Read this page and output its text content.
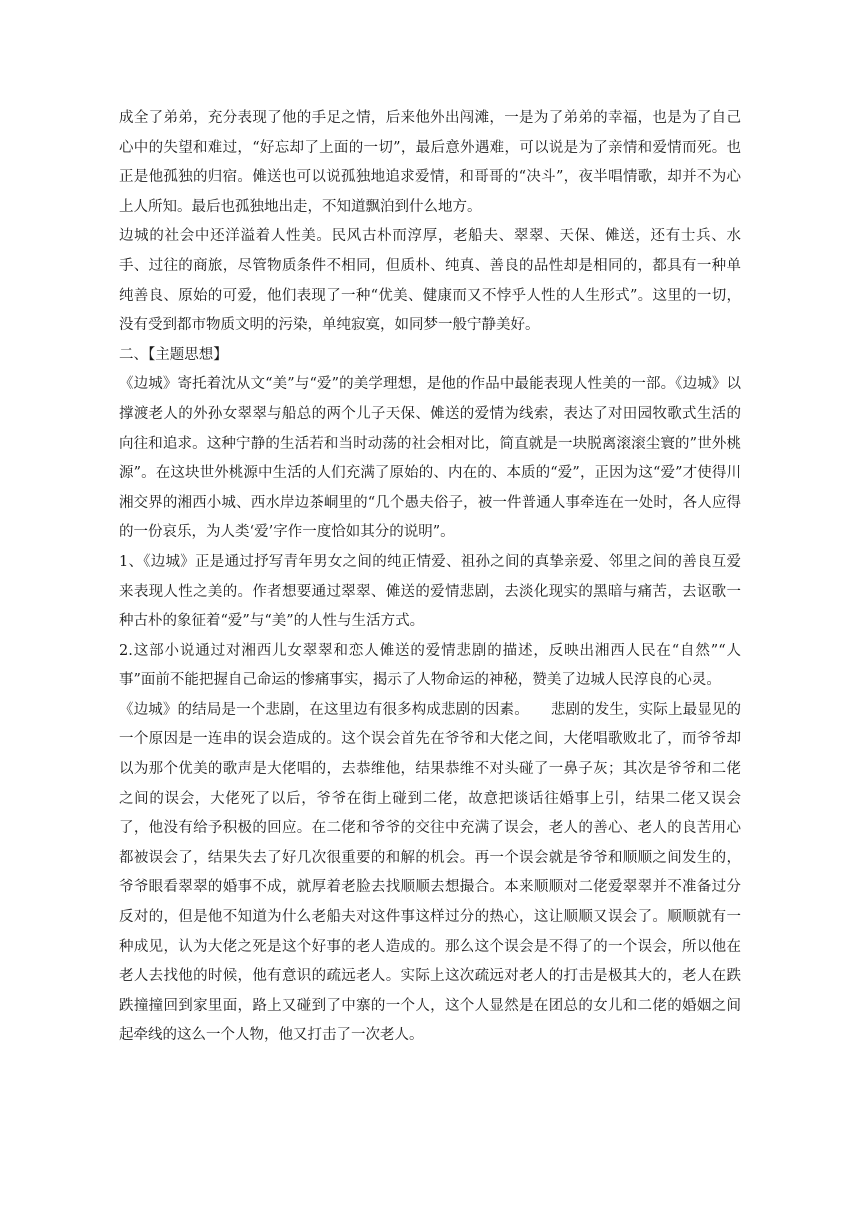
成全了弟弟，充分表现了他的手足之情，后来他外出闯滩，一是为了弟弟的幸福，也是为了自己心中的失望和难过，“好忘却了上面的一切”，最后意外遇难，可以说是为了亲情和爱情而死。也正是他孤独的归宿。傩送也可以说孤独地追求爱情，和哥哥的“决斗”，夜半唱情歌，却并不为心上人所知。最后也孤独地出走，不知道飘泊到什么地方。

边城的社会中还洋溢着人性美。民风古朴而淳厚，老船夫、翠翠、天保、傩送，还有士兵、水手、过往的商旅，尽管物质条件不相同，但质朴、纯真、善良的品性却是相同的，都具有一种单纯善良、原始的可爱，他们表现了一种“优美、健康而又不悖乎人性的人生形式”。这里的一切，没有受到都市物质文明的污染，单纯寂寞，如同梦一般宁静美好。

二、【主题思想】

《边城》寄托着沈从文“美”与“爱”的美学理想，是他的作品中最能表现人性美的一部。《边城》以撑渡老人的外孙女翠翠与船总的两个儿子天保、傩送的爱情为线索，表达了对田园牧歌式生活的向往和追求。这种宁静的生活若和当时动荡的社会相对比，简直就是一块脱离滚滚尘寰的”世外桃源”。在这块世外桃源中生活的人们充满了原始的、内在的、本质的“爱”，正因为这“爱”才使得川湘交界的湘西小城、西水岸边茶峒里的“几个愚夫俗子，被一件普通人事牵连在一处时，各人应得的一份哀乐，为人类‘爱’字作一度恰如其分的说明”。

1、《边城》正是通过抒写青年男女之间的纯正情爱、祖孙之间的真挚亲爱、邻里之间的善良互爱来表现人性之美的。作者想要通过翠翠、傩送的爱情悲剧，去淡化现实的黑暗与痛苦，去讴歌一种古朴的象征着“爱”与“美”的人性与生活方式。

2.这部小说通过对湘西儿女翠翠和恋人傩送的爱情悲剧的描述，反映出湘西人民在“自然”“人事”面前不能把握自己命运的惨痛事实，揭示了人物命运的神秘，赞美了边城人民淳良的心灵。

《边城》的结局是一个悲剧，在这里边有很多构成悲剧的因素。　　悲剧的发生，实际上最显见的一个原因是一连串的误会造成的。这个误会首先在爷爷和大佬之间，大佬唱歌败北了，而爷爷却以为那个优美的歌声是大佬唱的，去恭维他，结果恭维不对头碰了一鼻子灰；其次是爷爷和二佬之间的误会，大佬死了以后，爷爷在街上碰到二佬，故意把谈话往婚事上引，结果二佬又误会了，他没有给予积极的回应。在二佬和爷爷的交往中充满了误会，老人的善心、老人的良苦用心都被误会了，结果失去了好几次很重要的和解的机会。再一个误会就是爷爷和顺顺之间发生的，爷爷眼看翠翠的婚事不成，就厚着老脸去找顺顺去想撮合。本来顺顺对二佬爱翠翠并不准备过分反对的，但是他不知道为什么老船夫对这件事这样过分的热心，这让顺顺又误会了。顺顺就有一种成见，认为大佬之死是这个好事的老人造成的。那么这个误会是不得了的一个误会，所以他在老人去找他的时候，他有意识的疏远老人。实际上这次疏远对老人的打击是极其大的，老人在跌跌撞撞回到家里面，路上又碰到了中寨的一个人，这个人显然是在团总的女儿和二佬的婚姻之间起牵线的这么一个人物，他又打击了一次老人。
